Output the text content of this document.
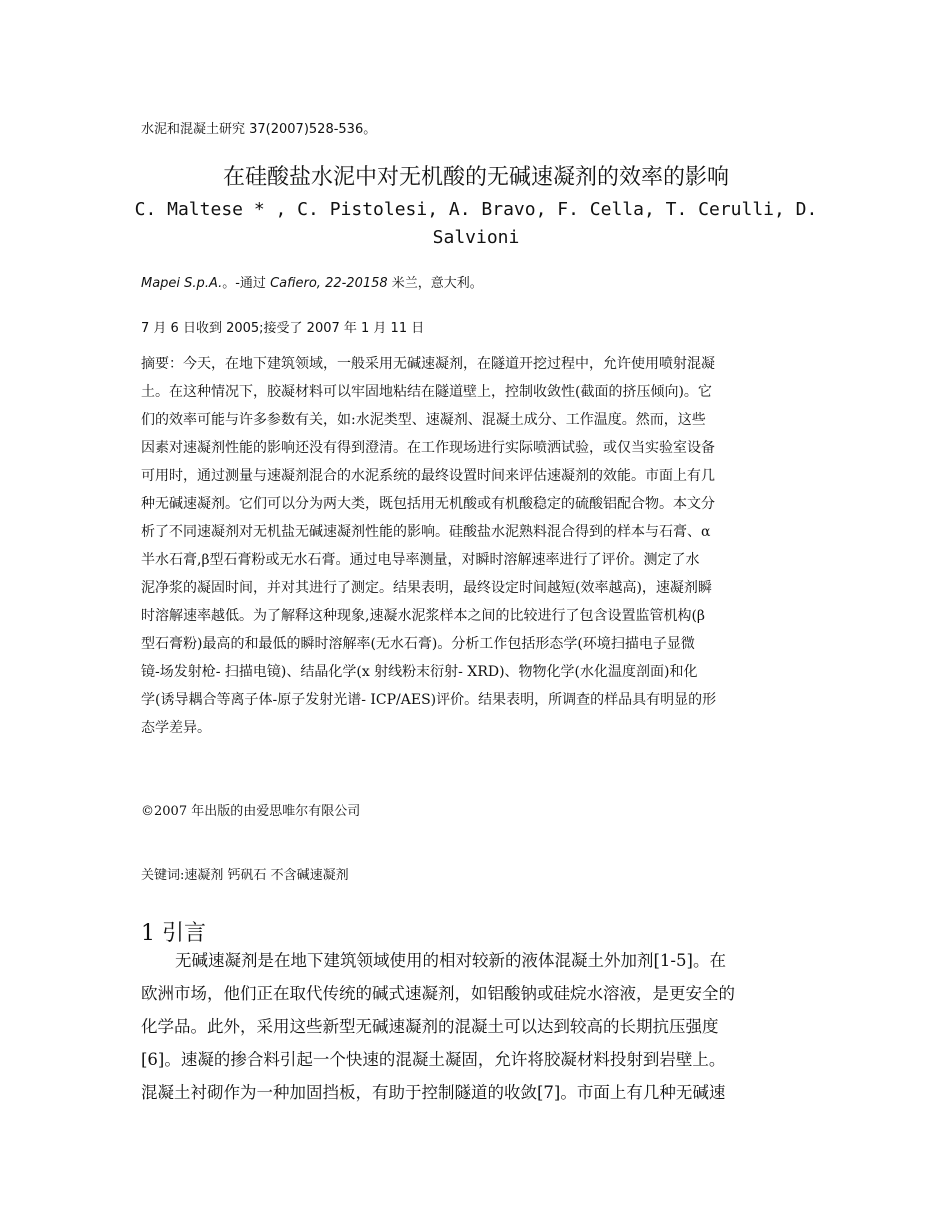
水泥和混凝土研究 37(2007)528-536。
在硅酸盐水泥中对无机酸的无碱速凝剂的效率的影响
C. Maltese * , C. Pistolesi, A. Bravo, F. Cella, T. Cerulli, D. Salvioni
Mapei S.p.A.。-通过 Cafiero, 22-20158 米兰，意大利。
7 月 6 日收到 2005;接受了 2007 年 1 月 11 日
摘要：今天，在地下建筑领域，一般采用无碱速凝剂，在隧道开挖过程中，允许使用喷射混凝
土。在这种情况下，胶凝材料可以牢固地粘结在隧道壁上，控制收敛性(截面的挤压倾向)。它
们的效率可能与许多参数有关，如:水泥类型、速凝剂、混凝土成分、工作温度。然而，这些
因素对速凝剂性能的影响还没有得到澄清。在工作现场进行实际喷洒试验，或仅当实验室设备
可用时，通过测量与速凝剂混合的水泥系统的最终设置时间来评估速凝剂的效能。市面上有几
种无碱速凝剂。它们可以分为两大类，既包括用无机酸或有机酸稳定的硫酸铝配合物。本文分
析了不同速凝剂对无机盐无碱速凝剂性能的影响。硅酸盐水泥熟料混合得到的样本与石膏、α
半水石膏,β型石膏粉或无水石膏。通过电导率测量，对瞬时溶解速率进行了评价。测定了水
泥净浆的凝固时间，并对其进行了测定。结果表明，最终设定时间越短(效率越高)，速凝剂瞬
时溶解速率越低。为了解释这种现象,速凝水泥浆样本之间的比较进行了包含设置监管机构(β
型石膏粉)最高的和最低的瞬时溶解率(无水石膏)。分析工作包括形态学(环境扫描电子显微
镜-场发射枪- 扫描电镜)、结晶化学(x 射线粉末衍射- XRD)、物物化学(水化温度剖面)和化
学(诱导耦合等离子体-原子发射光谱- ICP/AES)评价。结果表明，所调查的样品具有明显的形
态学差异。
©2007 年出版的由爱思唯尔有限公司
关键词:速凝剂 钙矾石 不含碱速凝剂
1 引言
无碱速凝剂是在地下建筑领域使用的相对较新的液体混凝土外加剂[1-5]。在
欧洲市场，他们正在取代传统的碱式速凝剂，如铝酸钠或硅烷水溶液，是更安全的
化学品。此外，采用这些新型无碱速凝剂的混凝土可以达到较高的长期抗压强度
[6]。速凝的掺合料引起一个快速的混凝土凝固，允许将胶凝材料投射到岩壁上。
混凝土衬砌作为一种加固挡板，有助于控制隧道的收敛[7]。市面上有几种无碱速
